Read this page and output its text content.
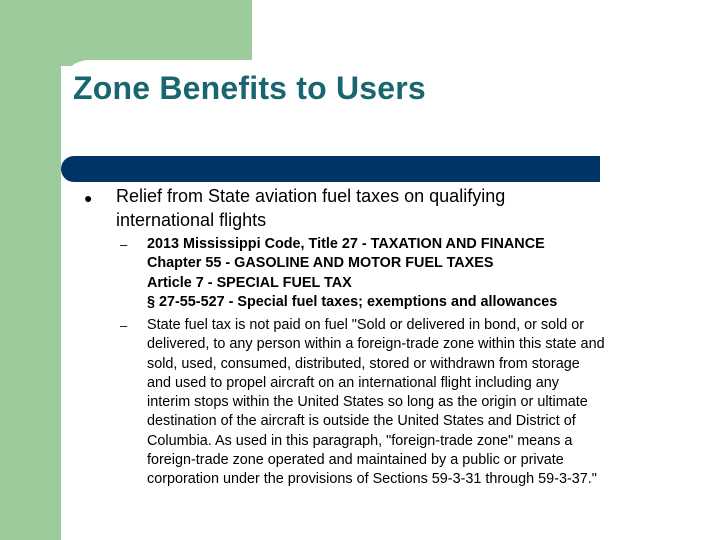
Zone Benefits to Users
● Relief from State aviation fuel taxes on qualifying
international flights

– 2013 Mississippi Code, Title 27 - TAXATION AND FINANCE
Chapter 55 - GASOLINE AND MOTOR FUEL TAXES
Article 7 - SPECIAL FUEL TAX
§ 27-55-527 - Special fuel taxes; exemptions and allowances
– State fuel tax is not paid on fuel "Sold or delivered in bond, or sold or
delivered, to any person within a foreign-trade zone within this state and
sold, used, consumed, distributed, stored or withdrawn from storage
and used to propel aircraft on an international flight including any
interim stops within the United States so long as the origin or ultimate
destination of the aircraft is outside the United States and District of
Columbia. As used in this paragraph, "foreign-trade zone" means a
foreign-trade zone operated and maintained by a public or private
corporation under the provisions of Sections 59-3-31 through 59-3-37."
